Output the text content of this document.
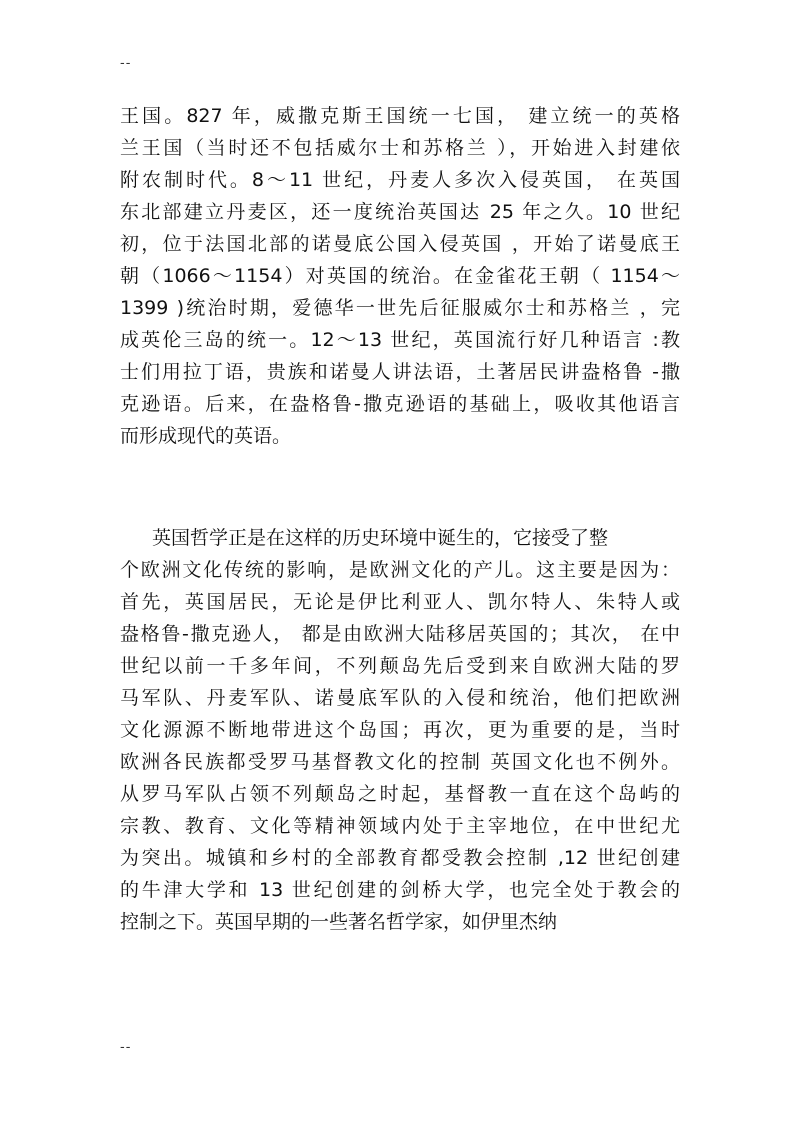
--
王国。827 年，威撒克斯王国统一七国， 建立统一的英格
兰王国（当时还不包括威尔士和苏格兰 ），开始进入封建依
附农制时代。8～11 世纪，丹麦人多次入侵英国， 在英国
东北部建立丹麦区，还一度统治英国达 25 年之久。10 世纪
初，位于法国北部的诺曼底公国入侵英国 ，开始了诺曼底王
朝（1066～1154）对英国的统治。在金雀花王朝（ 1154～
1399 )统治时期，爱德华一世先后征服威尔士和苏格兰 ，完
成英伦三岛的统一。12～13 世纪，英国流行好几种语言 :教
士们用拉丁语，贵族和诺曼人讲法语，土著居民讲盎格鲁 -撒
克逊语。后来，在盎格鲁-撒克逊语的基础上，吸收其他语言
而形成现代的英语。
英国哲学正是在这样的历史环境中诞生的，它接受了整
个欧洲文化传统的影响，是欧洲文化的产儿。这主要是因为：
首先，英国居民，无论是伊比利亚人、凯尔特人、朱特人或
盎格鲁-撒克逊人， 都是由欧洲大陆移居英国的；其次， 在中
世纪以前一千多年间，不列颠岛先后受到来自欧洲大陆的罗
马军队、丹麦军队、诺曼底军队的入侵和统治，他们把欧洲
文化源源不断地带进这个岛国；再次，更为重要的是，当时
欧洲各民族都受罗马基督教文化的控制 英国文化也不例外。
从罗马军队占领不列颠岛之时起，基督教一直在这个岛屿的
宗教、教育、文化等精神领域内处于主宰地位，在中世纪尤
为突出。城镇和乡村的全部教育都受教会控制 ,12 世纪创建
的牛津大学和 13 世纪创建的剑桥大学，也完全处于教会的
控制之下。英国早期的一些著名哲学家，如伊里杰纳
--
